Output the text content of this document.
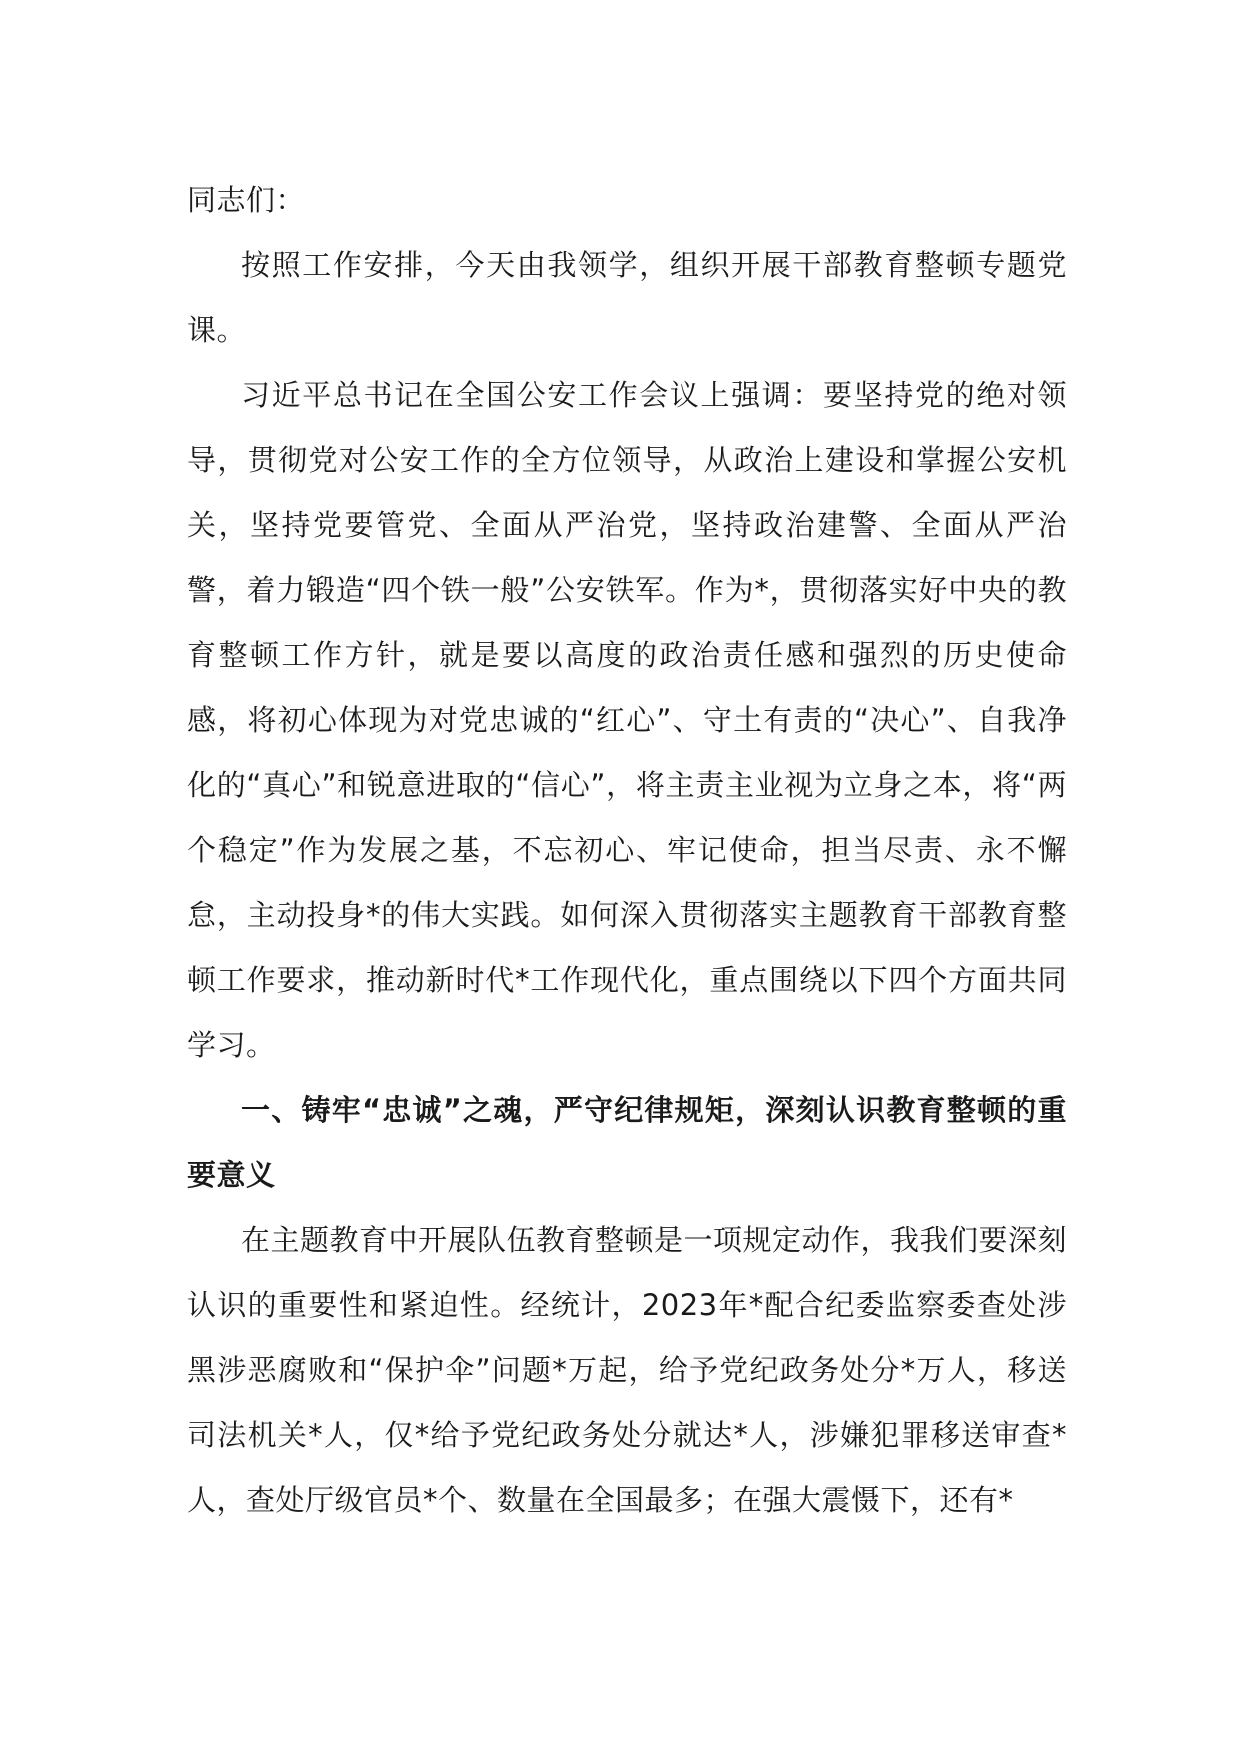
同志们：

按照工作安排，今天由我领学，组织开展干部教育整顿专题党课。

习近平总书记在全国公安工作会议上强调：要坚持党的绝对领导，贯彻党对公安工作的全方位领导，从政治上建设和掌握公安机关，坚持党要管党、全面从严治党，坚持政治建警、全面从严治警，着力锻造“四个铁一般”公安铁军。作为*，贯彻落实好中央的教育整顿工作方针，就是要以高度的政治责任感和强烈的历史使命感，将初心体现为对党忠诚的“红心”、守土有责的“决心”、自我净化的“真心”和锐意进取的“信心”，将主责主业视为立身之本，将“两个稳定”作为发展之基，不忘初心、牢记使命，担当尽责、永不懈怠，主动投身*的伟大实践。如何深入贯彻落实主题教育干部教育整顿工作要求，推动新时代*工作现代化，重点围绕以下四个方面共同学习。

一、铸牢“忠诚”之魂，严守纪律规矩，深刻认识教育整顿的重要意义

在主题教育中开展队伍教育整顿是一项规定动作，我我们要深刻认识的重要性和紧迫性。经统计，2023年*配合纪委监察委查处涉黑涉恶腐败和“保护伞”问题*万起，给予党纪政务处分*万人，移送司法机关*人，仅*给予党纪政务处分就达*人，涉嫌犯罪移送审查*人，查处厅级官员*个、数量在全国最多；在强大震慑下，还有*
